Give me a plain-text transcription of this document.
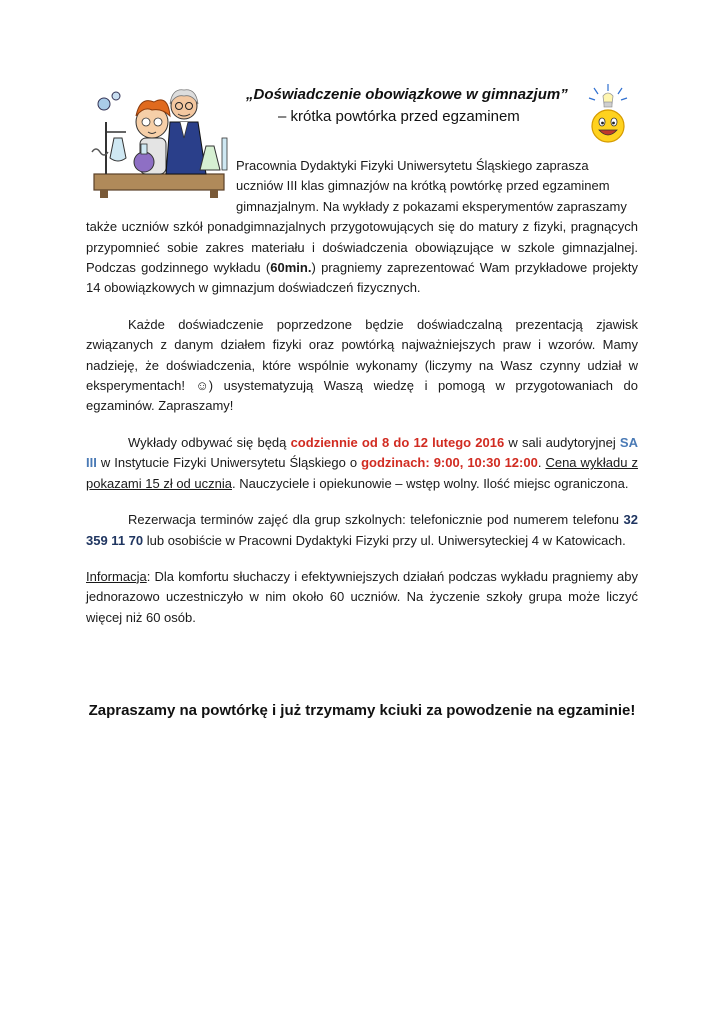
„Doświadczenie obowiązkowe w gimnazjum”
– krótka powtórka przed egzaminem

Pracownia Dydaktyki Fizyki Uniwersytetu Śląskiego zaprasza
uczniów III klas gimnazjów na krótką powtórkę przed egzaminem
gimnazjalnym. Na wykłady z pokazami eksperymentów zapraszamy
także uczniów szkół ponadgimnazjalnych przygotowujących się do matury z fizyki, pragnących przypomnieć sobie zakres materiału i doświadczenia obowiązujące w szkole gimnazjalnej. Podczas godzinnego wykładu (60min.) pragniemy zaprezentować Wam przykładowe projekty 14 obowiązkowych w gimnazjum doświadczeń fizycznych.

Każde doświadczenie poprzedzone będzie doświadczalną prezentacją zjawisk związanych z danym działem fizyki oraz powtórką najważniejszych praw i wzorów. Mamy nadzieję, że doświadczenia, które wspólnie wykonamy (liczymy na Wasz czynny udział w eksperymentach! ☺) usystematyzują Waszą wiedzę i pomogą w przygotowaniach do egzaminów. Zapraszamy!

Wykłady odbywać się będą codziennie od 8 do 12 lutego 2016 w sali audytoryjnej SA III w Instytucie Fizyki Uniwersytetu Śląskiego o godzinach: 9:00, 10:30 12:00. Cena wykładu z pokazami 15 zł od ucznia. Nauczyciele i opiekunowie – wstęp wolny. Ilość miejsc ograniczona.

Rezerwacja terminów zajęć dla grup szkolnych: telefonicznie pod numerem telefonu 32 359 11 70 lub osobiście w Pracowni Dydaktyki Fizyki przy ul. Uniwersyteckiej 4 w Katowicach.

Informacja: Dla komfortu słuchaczy i efektywniejszych działań podczas wykładu pragniemy aby jednorazowo uczestniczyło w nim około 60 uczniów. Na życzenie szkoły grupa może liczyć więcej niż 60 osób.

Zapraszamy na powtórkę i już trzymamy kciuki za powodzenie na egzaminie!
